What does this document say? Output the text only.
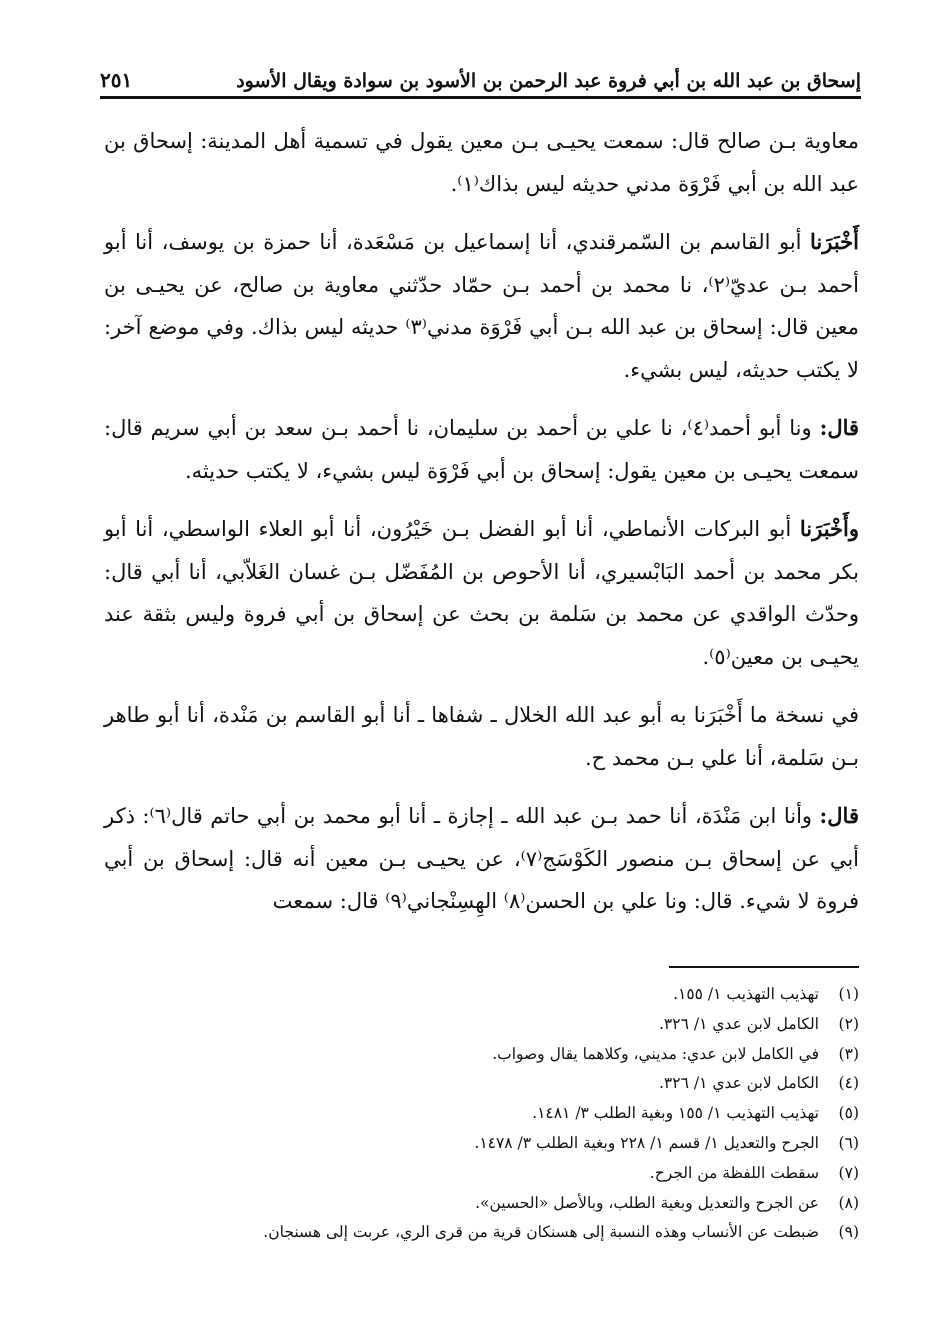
إسحاق بن عبد الله بن أبي فروة عبد الرحمن بن الأسود بن سوادة ويقال الأسود
٢٥١

معاوية بـن صالح قال: سمعت يحيـى بـن معين يقول في تسمية أهل المدينة: إسحاق بن عبد الله بن أبي فَرْوَة مدني حديثه ليس بذاك⁽١⁾.

أَخْبَرَنا أبو القاسم بن السّمرقندي، أنا إسماعيل بن مَسْعَدة، أنا حمزة بن يوسف، أنا أبو أحمد بـن عديّ⁽٢⁾، نا محمد بن أحمد بـن حمّاد حدّثني معاوية بن صالح، عن يحيـى بن معين قال: إسحاق بن عبد الله بـن أبي فَرْوَة مدني⁽٣⁾ حديثه ليس بذاك. وفي موضع آخر: لا يكتب حديثه، ليس بشيء.

قال: ونا أبو أحمد⁽٤⁾، نا علي بن أحمد بن سليمان، نا أحمد بـن سعد بن أبي سريم قال: سمعت يحيـى بن معين يقول: إسحاق بن أبي فَرْوَة ليس بشيء، لا يكتب حديثه.

وأَخْبَرَنا أبو البركات الأنماطي، أنا أبو الفضل بـن خَيْرُون، أنا أبو العلاء الواسطي، أنا أبو بكر محمد بن أحمد البَابْسيري، أنا الأحوص بن المُفَضّل بـن غسان الغَلاّبي، أنا أبي قال: وحدّث الواقدي عن محمد بن سَلمة بن بحث عن إسحاق بن أبي فروة وليس بثقة عند يحيـى بن معين⁽٥⁾.

في نسخة ما أَخْبَرَنا به أبو عبد الله الخلال ـ شفاها ـ أنا أبو القاسم بن مَنْدة، أنا أبو طاهر بـن سَلمة، أنا علي بـن محمد ح.

قال: وأنا ابن مَنْدَة، أنا حمد بـن عبد الله ـ إجازة ـ أنا أبو محمد بن أبي حاتم قال⁽٦⁾: ذكر أبي عن إسحاق بـن منصور الكَوْسَج⁽٧⁾، عن يحيـى بـن معين أنه قال: إسحاق بن أبي فروة لا شيء. قال: ونا علي بن الحسن⁽٨⁾ الهِسِنْجاني⁽٩⁾ قال: سمعت

(١)تهذيب التهذيب ١/ ١٥٥.
(٢)الكامل لابن عدي ١/ ٣٢٦.
(٣)في الكامل لابن عدي: مديني، وكلاهما يقال وصواب.
(٤)الكامل لابن عدي ١/ ٣٢٦.
(٥)تهذيب التهذيب ١/ ١٥٥ وبغية الطلب ٣/ ١٤٨١.
(٦)الجرح والتعديل ١/ قسم ١/ ٢٢٨ وبغية الطلب ٣/ ١٤٧٨.
(٧)سقطت اللفظة من الجرح.
(٨)عن الجرح والتعديل وبغية الطلب، وبالأصل «الحسين».
(٩)ضبطت عن الأنساب وهذه النسبة إلى هسنكان قرية من قرى الري، عربت إلى هسنجان.
